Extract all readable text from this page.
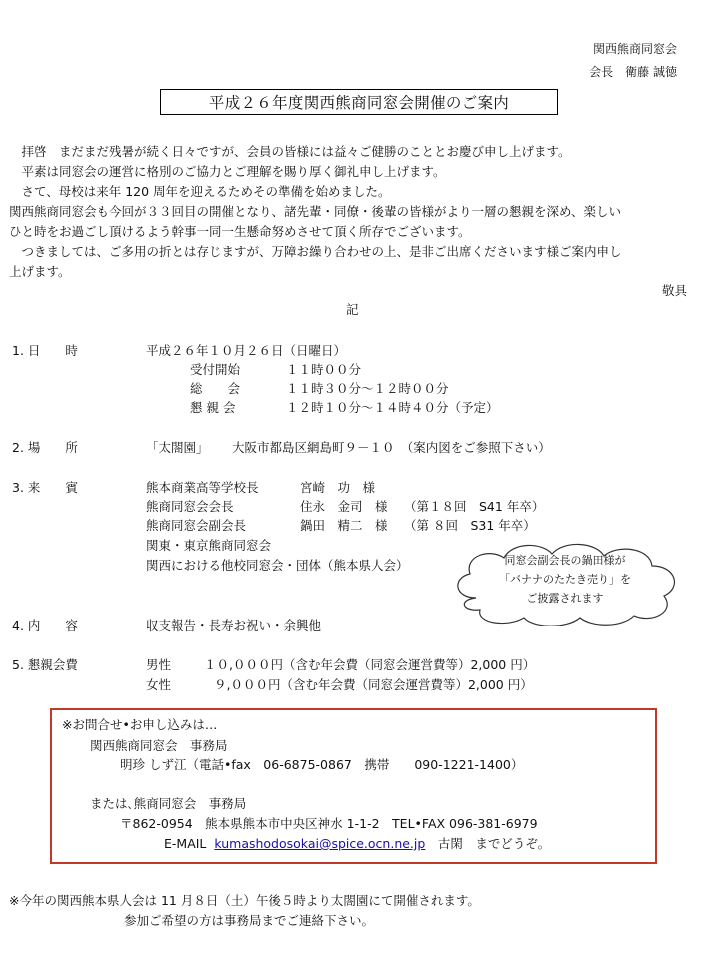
関西熊商同窓会
会長　衛藤 誠徳
平成２６年度関西熊商同窓会開催のご案内
　拝啓　まだまだ残暑が続く日々ですが、会員の皆様には益々ご健勝のこととお慶び申し上げます。
　平素は同窓会の運営に格別のご協力とご理解を賜り厚く御礼申し上げます。
　さて、母校は来年 120 周年を迎えるためその準備を始めました。
関西熊商同窓会も今回が３３回目の開催となり、諸先輩・同僚・後輩の皆様がより一層の懇親を深め、楽しい
ひと時をお過ごし頂けるよう幹事一同一生懸命努めさせて頂く所存でございます。
　つきましては、ご多用の折とは存じますが、万障お繰り合わせの上、是非ご出席くださいます様ご案内申し
上げます。
敬具
記
1. 日　　時	平成２６年１０月２６日（日曜日）
受付開始	１１時００分
総　　会	１１時３０分～１２時００分
懇 親 会	１２時１０分～１４時４０分（予定）
2. 場　　所	「太閤園」 大阪市都島区網島町９－１０　（案内図をご参照下さい）
3. 来　　賓	熊本商業高等学校長	宮崎　功　様
熊商同窓会会長	住永　金司　様 （第１８回　S41 年卒）
熊商同窓会副会長	鍋田　精二　様 （第 ８回　S31 年卒）
関東・東京熊商同窓会
関西における他校同窓会・団体（熊本県人会）	同窓会副会長の鍋田様が
「バナナのたたき売り」を
ご披露されます
4. 内　　容	収支報告・長寿お祝い・余興他
5. 懇親会費	男性	１０,０００円（含む年会費（同窓会運営費等）2,000 円）
女性	９,０００円（含む年会費（同窓会運営費等）2,000 円）
※お問合せ•お申し込みは…
関西熊商同窓会　事務局
明珍 しず江（電話•fax　06-6875-0867　携帯　　090-1221-1400）
または､熊商同窓会　事務局
〒862-0954　熊本県熊本市中央区神水 1-1-2　TEL•FAX 096-381-6979
E-MAIL kumashodosokai@spice.ocn.ne.jp　古閑　までどうぞ。
※今年の関西熊本県人会は 11 月８日（土）午後５時より太閤園にて開催されます。
参加ご希望の方は事務局までご連絡下さい。
